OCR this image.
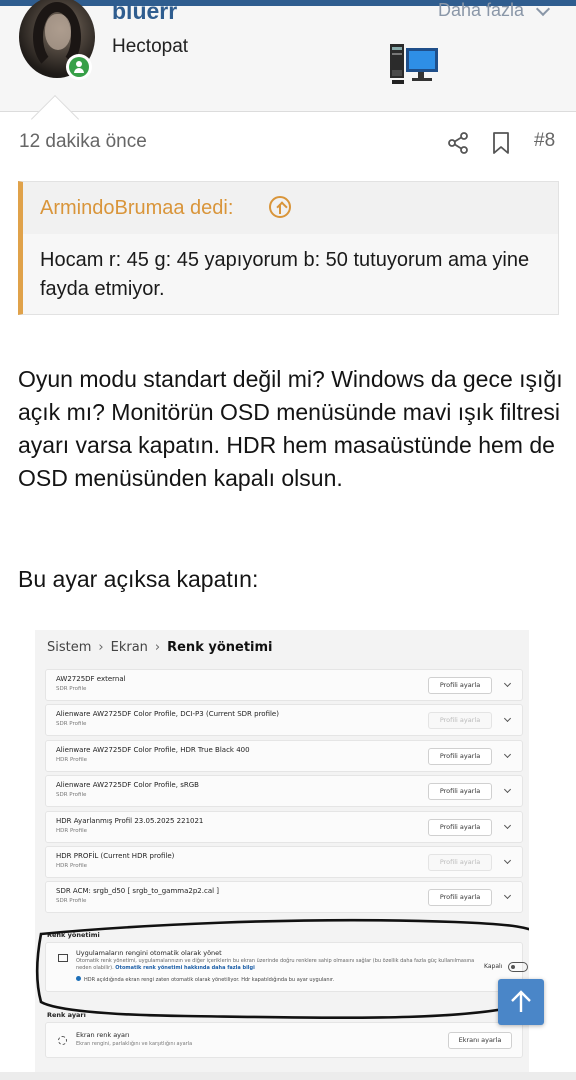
bluerr
Hectopat
Daha fazla
12 dakika önce	#8
ArmindoBrumaa dedi:
Hocam r: 45 g: 45 yapıyorum b: 50 tutuyorum ama yine fayda etmiyor.
Oyun modu standart değil mi? Windows da gece ışığı açık mı? Monitörün OSD menüsünde mavi ışık filtresi ayarı varsa kapatın. HDR hem masaüstünde hem de OSD menüsünden kapalı olsun.
Bu ayar açıksa kapatın:
Sistem › Ekran › Renk yönetimi
AW2725DF external
SDR Profile	Profili ayarla
Alienware AW2725DF Color Profile, DCI-P3 (Current SDR profile)
SDR Profile	Profili ayarla
Alienware AW2725DF Color Profile, HDR True Black 400
HDR Profile	Profili ayarla
Alienware AW2725DF Color Profile, sRGB
SDR Profile	Profili ayarla
HDR Ayarlanmış Profil 23.05.2025 221021
HDR Profile	Profili ayarla
HDR PROFİL (Current HDR profile)
HDR Profile	Profili ayarla
SDR ACM: srgb_d50 [ srgb_to_gamma2p2.cal ]
SDR Profile	Profili ayarla
Renk yönetimi
Uygulamaların rengini otomatik olarak yönet
Otomatik renk yönetimi, uygulamalarınızın ve diğer içeriklerin bu ekran üzerinde doğru renklere sahip olmasını sağlar (bu özellik daha fazla güç kullanılmasına neden olabilir). Otomatik renk yönetimi hakkında daha fazla bilgi
HDR açıldığında ekran rengi zaten otomatik olarak yönetiliyor. Hdr kapatıldığında bu ayar uygulanır.
Kapalı
Renk ayarı
Ekran renk ayarı
Ekran rengini, parlaklığını ve karşıtlığını ayarla	Ekranı ayarla
